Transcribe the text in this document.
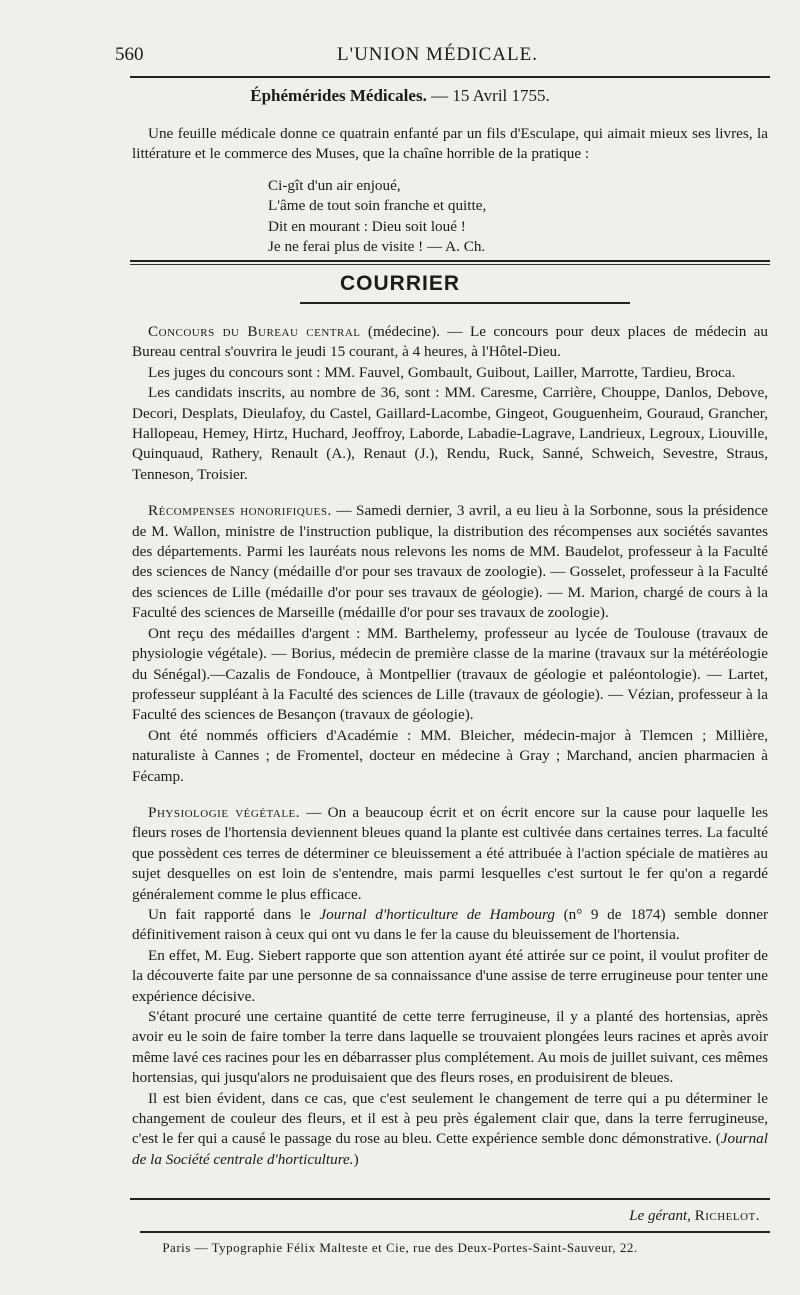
560	L'UNION MÉDICALE.
Éphémérides Médicales. — 15 Avril 1755.

Une feuille médicale donne ce quatrain enfanté par un fils d'Esculape, qui aimait mieux ses livres, la littérature et le commerce des Muses, que la chaîne horrible de la pratique :

Ci-gît d'un air enjoué,
L'âme de tout soin franche et quitte,
Dit en mourant : Dieu soit loué !
Je ne ferai plus de visite ! — A. Ch.
COURRIER

Concours du Bureau central (médecine). — Le concours pour deux places de médecin au Bureau central s'ouvrira le jeudi 15 courant, à 4 heures, à l'Hôtel-Dieu.

Les juges du concours sont : MM. Fauvel, Gombault, Guibout, Lailler, Marrotte, Tardieu, Broca.

Les candidats inscrits, au nombre de 36, sont : MM. Caresme, Carrière, Chouppe, Danlos, Debove, Decori, Desplats, Dieulafoy, du Castel, Gaillard-Lacombe, Gingeot, Gouguenheim, Gouraud, Grancher, Hallopeau, Hemey, Hirtz, Huchard, Jeoffroy, Laborde, Labadie-Lagrave, Landrieux, Legroux, Liouville, Quinquaud, Rathery, Renault (A.), Renaut (J.), Rendu, Ruck, Sanné, Schweich, Sevestre, Straus, Tenneson, Troisier.

Récompenses honorifiques. — Samedi dernier, 3 avril, a eu lieu à la Sorbonne, sous la présidence de M. Wallon, ministre de l'instruction publique, la distribution des récompenses aux sociétés savantes des départements. Parmi les lauréats nous relevons les noms de MM. Baudelot, professeur à la Faculté des sciences de Nancy (médaille d'or pour ses travaux de zoologie). — Gosselet, professeur à la Faculté des sciences de Lille (médaille d'or pour ses travaux de géologie). — M. Marion, chargé de cours à la Faculté des sciences de Marseille (médaille d'or pour ses travaux de zoologie).

Ont reçu des médailles d'argent : MM. Barthelemy, professeur au lycée de Toulouse (travaux de physiologie végétale). — Borius, médecin de première classe de la marine (travaux sur la météréologie du Sénégal).—Cazalis de Fondouce, à Montpellier (travaux de géologie et paléontologie). — Lartet, professeur suppléant à la Faculté des sciences de Lille (travaux de géologie). — Vézian, professeur à la Faculté des sciences de Besançon (travaux de géologie).

Ont été nommés officiers d'Académie : MM. Bleicher, médecin-major à Tlemcen ; Millière, naturaliste à Cannes ; de Fromentel, docteur en médecine à Gray ; Marchand, ancien pharmacien à Fécamp.

Physiologie végétale. — On a beaucoup écrit et on écrit encore sur la cause pour laquelle les fleurs roses de l'hortensia deviennent bleues quand la plante est cultivée dans certaines terres. La faculté que possèdent ces terres de déterminer ce bleuissement a été attribuée à l'action spéciale de matières au sujet desquelles on est loin de s'entendre, mais parmi lesquelles c'est surtout le fer qu'on a regardé généralement comme le plus efficace.

Un fait rapporté dans le Journal d'horticulture de Hambourg (n° 9 de 1874) semble donner définitivement raison à ceux qui ont vu dans le fer la cause du bleuissement de l'hortensia.

En effet, M. Eug. Siebert rapporte que son attention ayant été attirée sur ce point, il voulut profiter de la découverte faite par une personne de sa connaissance d'une assise de terre errugineuse pour tenter une expérience décisive.

S'étant procuré une certaine quantité de cette terre ferrugineuse, il y a planté des hortensias, après avoir eu le soin de faire tomber la terre dans laquelle se trouvaient plongées leurs racines et après avoir même lavé ces racines pour les en débarrasser plus complétement. Au mois de juillet suivant, ces mêmes hortensias, qui jusqu'alors ne produisaient que des fleurs roses, en produisirent de bleues.

Il est bien évident, dans ce cas, que c'est seulement le changement de terre qui a pu déterminer le changement de couleur des fleurs, et il est à peu près également clair que, dans la terre ferrugineuse, c'est le fer qui a causé le passage du rose au bleu. Cette expérience semble donc démonstrative. (Journal de la Société centrale d'horticulture.)

Le gérant, Richelot.
Paris — Typographie Félix Malteste et Cie, rue des Deux-Portes-Saint-Sauveur, 22.
